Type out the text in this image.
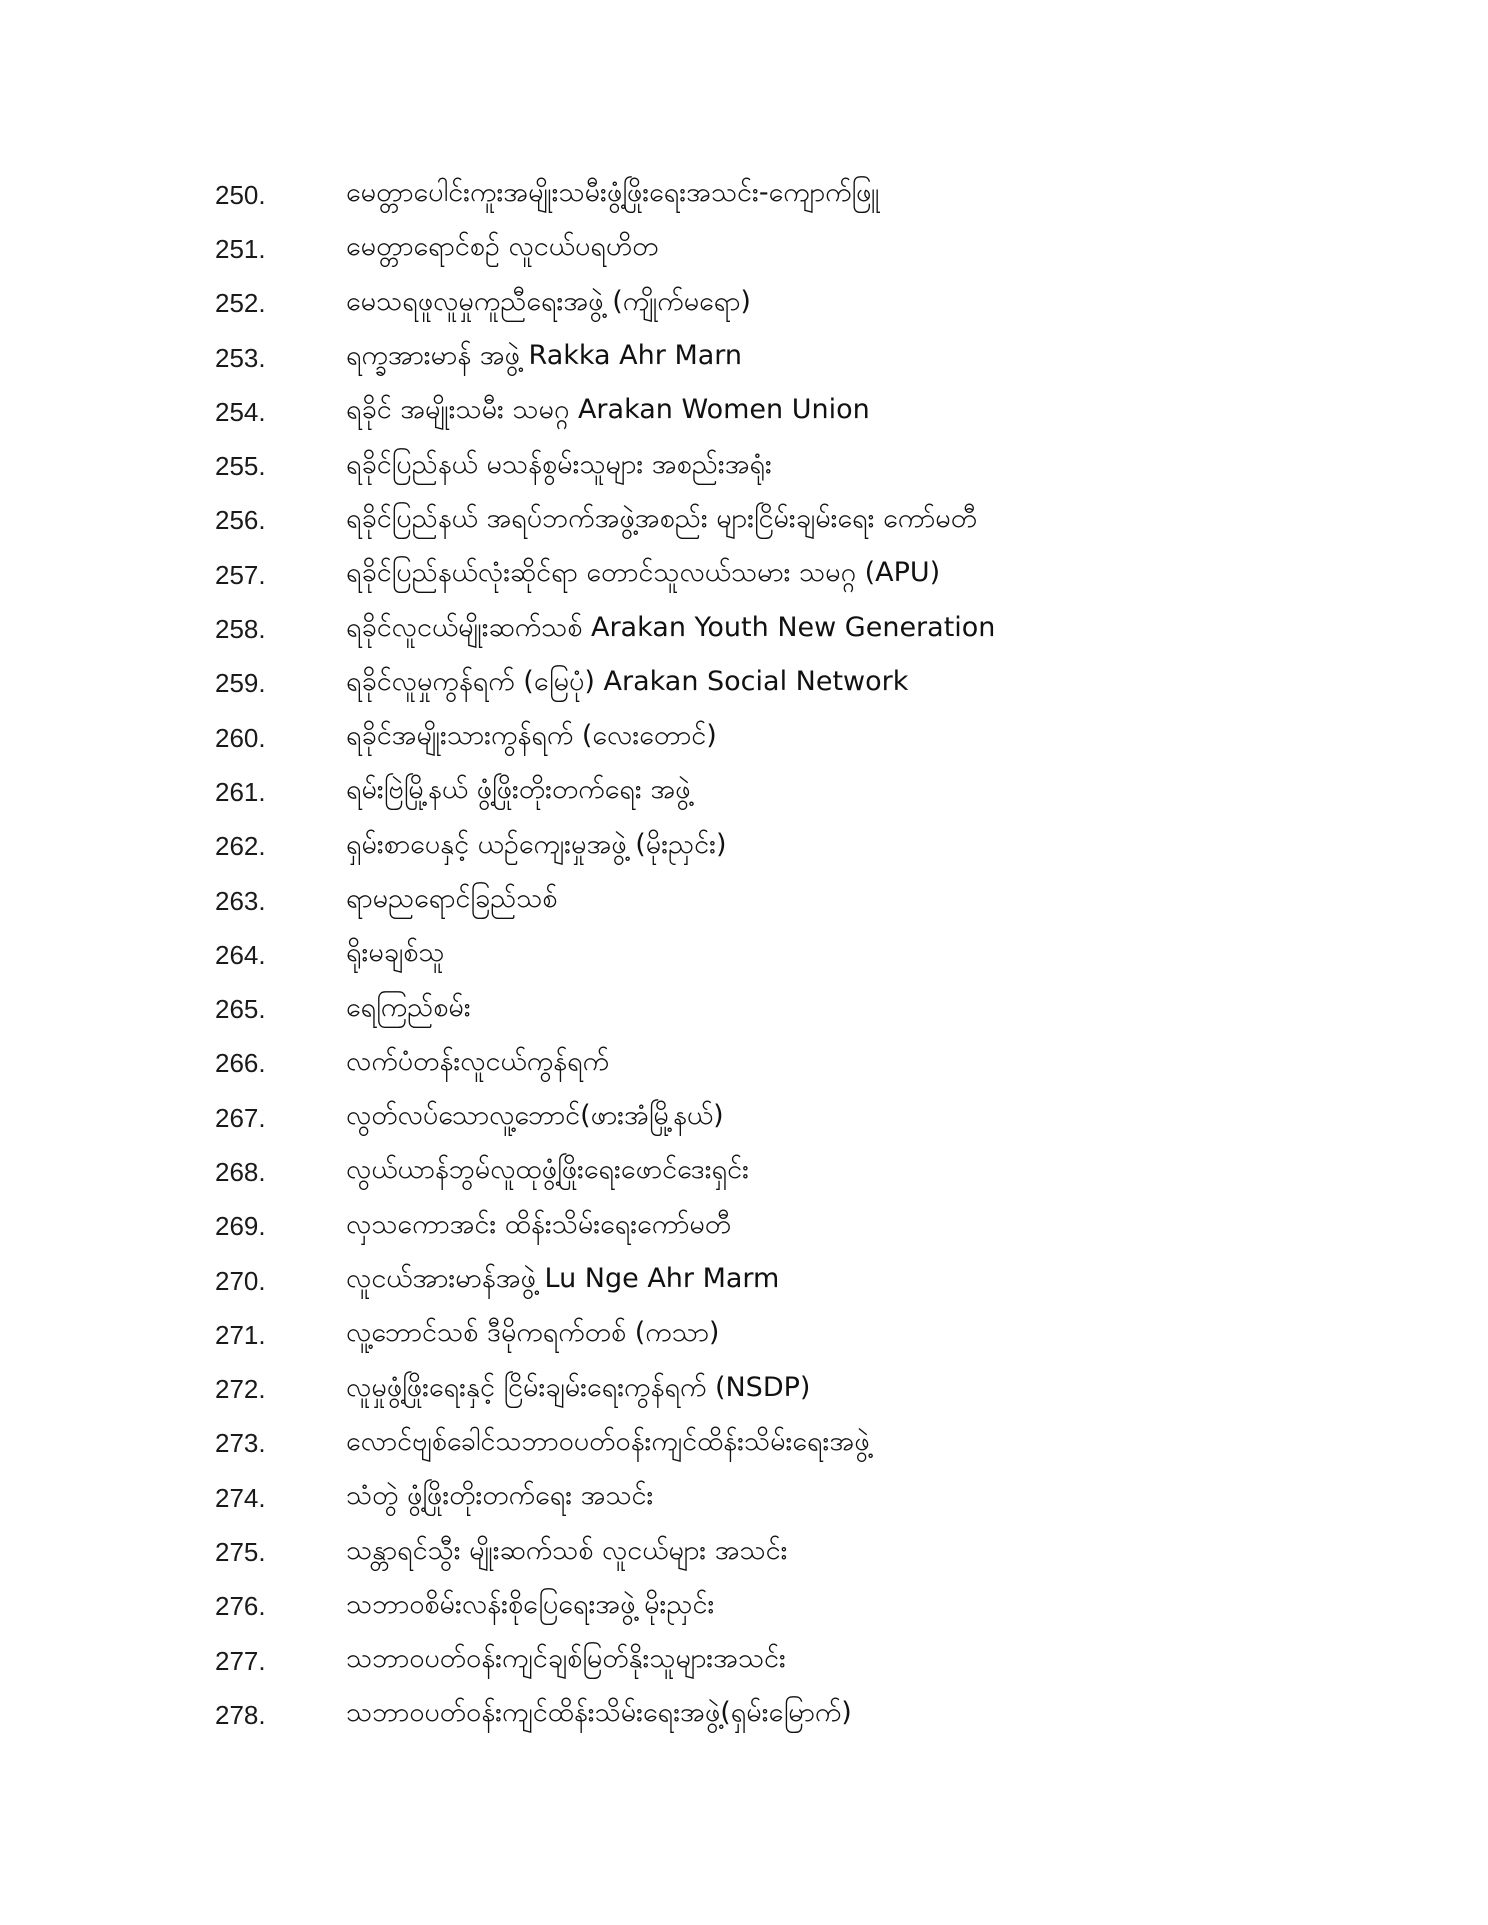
250.	မေတ္တာပေါင်းကူးအမျိုးသမီးဖွံ့ဖြိုးရေးအသင်း-ကျောက်ဖြူ
251.	မေတ္တာရောင်စဉ် လူငယ်ပရဟိတ
252.	မေသရဖူလူမှုကူညီရေးအဖွဲ့ (ကျိုက်မရော)
253.	ရက္ခအားမာန် အဖွဲ့ Rakka Ahr Marn
254.	ရခိုင် အမျိုးသမီး သမဂ္ဂ Arakan Women Union
255.	ရခိုင်ပြည်နယ် မသန်စွမ်းသူများ အစည်းအရုံး
256.	ရခိုင်ပြည်နယ် အရပ်ဘက်အဖွဲ့အစည်း များငြိမ်းချမ်းရေး ကော်မတီ
257.	ရခိုင်ပြည်နယ်လုံးဆိုင်ရာ တောင်သူလယ်သမား သမဂ္ဂ (APU)
258.	ရခိုင်လူငယ်မျိုးဆက်သစ် Arakan Youth New Generation
259.	ရခိုင်လူမှုကွန်ရက် (မြေပုံ) Arakan Social Network
260.	ရခိုင်အမျိုးသားကွန်ရက် (လေးတောင်)
261.	ရမ်းဗြဲမြို့နယ် ဖွံ့ဖြိုးတိုးတက်ရေး အဖွဲ့
262.	ရှမ်းစာပေနှင့် ယဉ်ကျေးမှုအဖွဲ့ (မိုးညှင်း)
263.	ရာမညရောင်ခြည်သစ်
264.	ရိုးမချစ်သူ
265.	ရေကြည်စမ်း
266.	လက်ပံတန်းလူငယ်ကွန်ရက်
267.	လွတ်လပ်သောလူ့ဘောင်(ဖားအံမြို့နယ်)
268.	လွယ်ယာန်ဘွမ်လူထုဖွံ့ဖြိုးရေးဖောင်ဒေးရှင်း
269.	လှသကောအင်း ထိန်းသိမ်းရေးကော်မတီ
270.	လူငယ်အားမာန်အဖွဲ့ Lu Nge Ahr Marm
271.	လူ့ဘောင်သစ် ဒီမိုကရက်တစ် (ကသာ)
272.	လူမှုဖွံ့ဖြိုးရေးနှင့် ငြိမ်းချမ်းရေးကွန်ရက် (NSDP)
273.	လောင်ဗျစ်ခေါင်သဘာဝပတ်ဝန်းကျင်ထိန်းသိမ်းရေးအဖွဲ့
274.	သံတွဲ ဖွံ့ဖြိုးတိုးတက်ရေး အသင်း
275.	သန္တာရင်သွီး မျိုးဆက်သစ် လူငယ်များ အသင်း
276.	သဘာဝစိမ်းလန်းစိုပြေရေးအဖွဲ့ မိုးညှင်း
277.	သဘာဝပတ်ဝန်းကျင်ချစ်မြတ်နိုးသူများအသင်း
278.	သဘာဝပတ်ဝန်းကျင်ထိန်းသိမ်းရေးအဖွဲ့(ရှမ်းမြောက်)
